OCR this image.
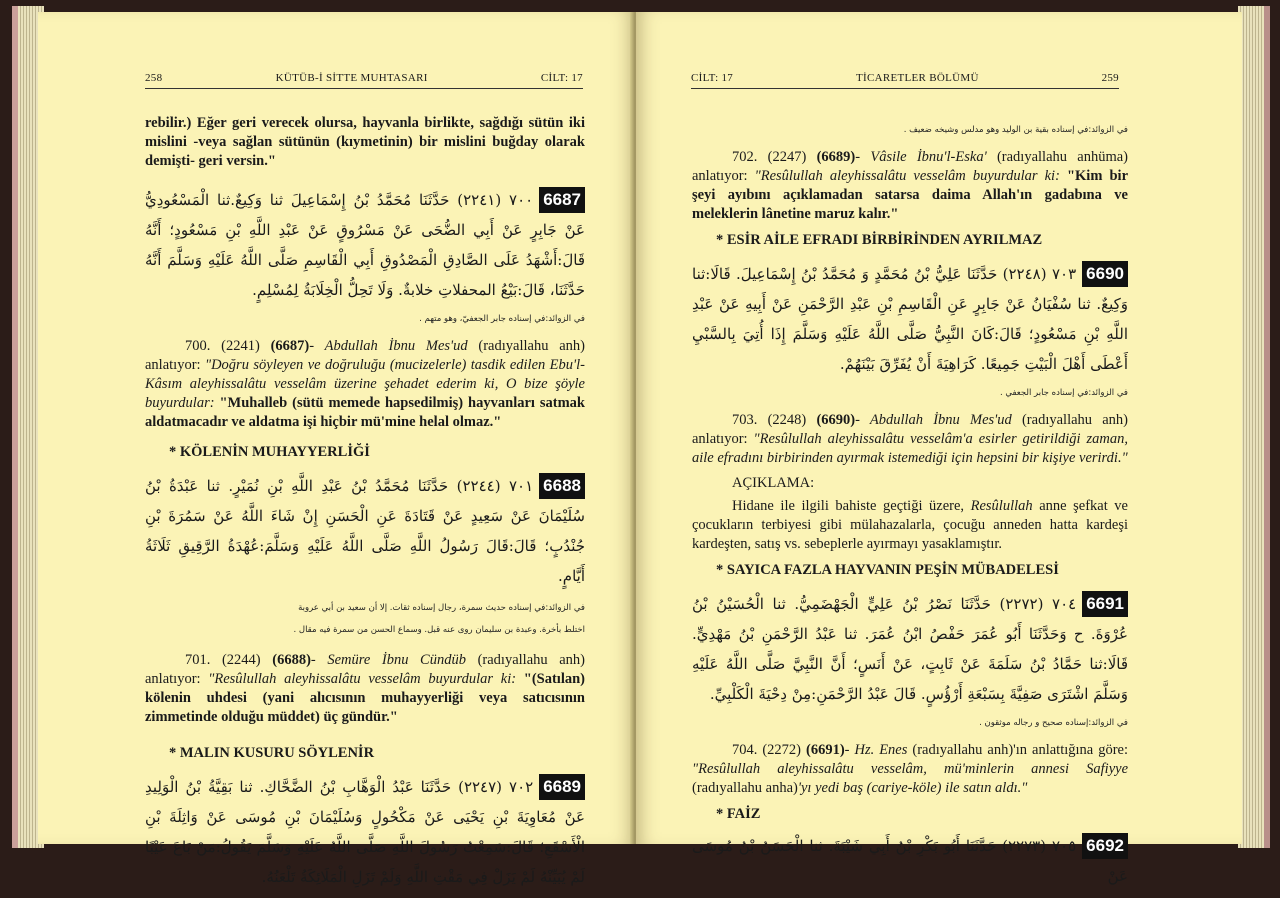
258	KÜTÜB-İ SİTTE MUHTASARI	CİLT: 17

rebilir.) Eğer geri verecek olursa, hayvanla birlikte, sağdığı sütün iki mislini -veya sağlan sütünün (kıymetinin) bir mislini buğday olarak demişti- geri versin."

6687٧٠٠ (٢٢٤١) حَدَّثَنَا مُحَمَّدُ بْنُ إِسْمَاعِيلَ ثنا وَكِيعٌ.ثنا الْمَسْعُودِيُّ عَنْ جَابِرٍ عَنْ أَبِي الضُّحَى عَنْ مَسْرُوقٍ عَنْ عَبْدِ اللَّهِ بْنِ مَسْعُودٍ؛ أَنَّهُ قَالَ:أَشْهَدُ عَلَى الصَّادِقِ الْمَصْدُوقِ أَبِي الْقَاسِمِ صَلَّى اللَّهُ عَلَيْهِ وَسَلَّمَ أَنَّهُ حَدَّثَنَا، قَالَ:بَيْعُ المحفلاتِ خلابةٌ. وَلَا تَحِلُّ الْخِلَابَةُ لِمُسْلِمٍ.
في الزوائد:في إسناده جابر الجعفيّ، وهو متهم .

700. (2241) (6687)- Abdullah İbnu Mes'ud (radıyallahu anh) anlatıyor: "Doğru söyleyen ve doğruluğu (mucizelerle) tasdik edilen Ebu'l-Kâsım aleyhissalâtu vesselâm üzerine şehadet ederim ki, O bize şöyle buyurdular: "Muhalleb (sütü memede hapsedilmiş) hayvanları satmak aldatmacadır ve aldatma işi hiçbir mü'mine helal olmaz."

* KÖLENİN MUHAYYERLİĞİ
6688٧٠١ (٢٢٤٤) حَدَّثَنَا مُحَمَّدُ بْنُ عَبْدِ اللَّهِ بْنِ نُمَيْرٍ. ثنا عَبْدَةُ بْنُ سُلَيْمَانَ عَنْ سَعِيدٍ عَنْ قَتَادَةَ عَنِ الْحَسَنِ إِنْ شَاءَ اللَّهُ عَنْ سَمُرَةَ بْنِ جُنْدُبٍ؛ قَالَ:قَالَ رَسُولُ اللَّهِ صَلَّى اللَّهُ عَلَيْهِ وَسَلَّمَ:عُهْدَةُ الرَّقِيقِ ثَلَاثَةُ أَيَّامٍ.
في الزوائد:في إسناده حديث سمرة، رجال إسناده ثقات. إلا أن سعيد بن أبي عروبة
اختلط بأخرة. وعبدة بن سليمان روى عنه قبل. وسماع الحسن من سمرة فيه مقال .

701. (2244) (6688)- Semüre İbnu Cündüb (radıyallahu anh) anlatıyor: "Resûlullah aleyhissalâtu vesselâm buyurdular ki: "(Satılan) kölenin uhdesi (yani alıcısının muhayyerliği veya satıcısının zimmetinde olduğu müddet) üç gündür."

* MALIN KUSURU SÖYLENİR
6689٧٠٢ (٢٢٤٧) حَدَّثَنَا عَبْدُ الْوَهَّابِ بْنُ الضَّحَّاكِ. ثنا بَقِيَّةُ بْنُ الْوَلِيدِ عَنْ مُعَاوِيَةَ بْنِ يَحْيَى عَنْ مَكْحُولٍ وَسُلَيْمَانَ بْنِ مُوسَى عَنْ وَاثِلَةَ بْنِ الْأَسْقَعِ؛ قَالَ:سَمِعْتُ رَسُولَ اللَّهِ صَلَّى اللَّهُ عَلَيْهِ وَسَلَّمَ يَقُولُ:مَنْ بَاعَ عَيْبًا لَمْ يُبَيِّنْهُ لَمْ يَزَلْ فِي مَقْتِ اللَّهِ وَلَمْ تَزَلِ الْمَلَائِكَةُ تَلْعَنُهُ.
CİLT: 17	TİCARETLER BÖLÜMÜ	259
في الزوائد:في إسناده بقية بن الوليد وهو مدلس وشيخه ضعيف .

702. (2247) (6689)- Vâsile İbnu'l-Eska' (radıyallahu anhüma) anlatıyor: "Resûlullah aleyhissalâtu vesselâm buyurdular ki: "Kim bir şeyi ayıbını açıklamadan satarsa daima Allah'ın gadabına ve meleklerin lânetine maruz kalır."

* ESİR AİLE EFRADI BİRBİRİNDEN AYRILMAZ
6690٧٠٣ (٢٢٤٨) حَدَّثَنَا عَلِيُّ بْنُ مُحَمَّدٍ وَ مُحَمَّدُ بْنُ إِسْمَاعِيلَ. قَالَا:ثنا وَكِيعٌ. ثنا سُفْيَانُ عَنْ جَابِرٍ عَنِ الْقَاسِمِ بْنِ عَبْدِ الرَّحْمَنِ عَنْ أَبِيهِ عَنْ عَبْدِ اللَّهِ بْنِ مَسْعُودٍ؛ قَالَ:كَانَ النَّبِيُّ صَلَّى اللَّهُ عَلَيْهِ وَسَلَّمَ إِذَا أُتِيَ بِالسَّبْيِ أَعْطَى أَهْلَ الْبَيْتِ جَمِيعًا. كَرَاهِيَةَ أَنْ يُفَرِّقَ بَيْنَهُمْ.
في الزوائد:في إسناده جابر الجعفي .

703. (2248) (6690)- Abdullah İbnu Mes'ud (radıyallahu anh) anlatıyor: "Resûlullah aleyhissalâtu vesselâm'a esirler getirildiği zaman, aile efradını birbirinden ayırmak istemediği için hepsini bir kişiye verirdi."

AÇIKLAMA:

Hidane ile ilgili bahiste geçtiği üzere, Resûlullah anne şefkat ve çocukların terbiyesi gibi mülahazalarla, çocuğu anneden hatta kardeşi kardeşten, satış vs. sebeplerle ayırmayı yasaklamıştır.

* SAYICA FAZLA HAYVANIN PEŞİN MÜBADELESİ
6691٧٠٤ (٢٢٧٢) حَدَّثَنَا نَصْرُ بْنُ عَلِيٍّ الْجَهْضَمِيُّ. ثنا الْحُسَيْنُ بْنُ عُرْوَةَ. ح وَحَدَّثَنَا أَبُو عُمَرَ حَفْصُ ابْنُ عُمَرَ. ثنا عَبْدُ الرَّحْمَنِ بْنُ مَهْدِيٍّ. قَالَا:ثنا حَمَّادُ بْنُ سَلَمَةَ عَنْ ثَابِتٍ، عَنْ أَنَسٍ؛ أَنَّ النَّبِيَّ صَلَّى اللَّهُ عَلَيْهِ وَسَلَّمَ اشْتَرَى صَفِيَّةَ بِسَبْعَةِ أَرْؤُسٍ. قَالَ عَبْدُ الرَّحْمَنِ:مِنْ دِحْيَةَ الْكَلْبِيِّ.
في الزوائد:إسناده صحيح و رجاله موثقون .

704. (2272) (6691)- Hz. Enes (radıyallahu anh)'ın anlattığına göre: "Resûlullah aleyhissalâtu vesselâm, mü'minlerin annesi Safiyye (radıyallahu anha)'yı yedi baş (cariye-köle) ile satın aldı."

* FAİZ
6692٧٠٥ (٢٢٧٣) حَدَّثَنَا أَبُو بَكْرِ بْنُ أَبِي شَيْبَةَ. ثنا الْحَسَنُ بْنُ مُوسَى عَنْ
